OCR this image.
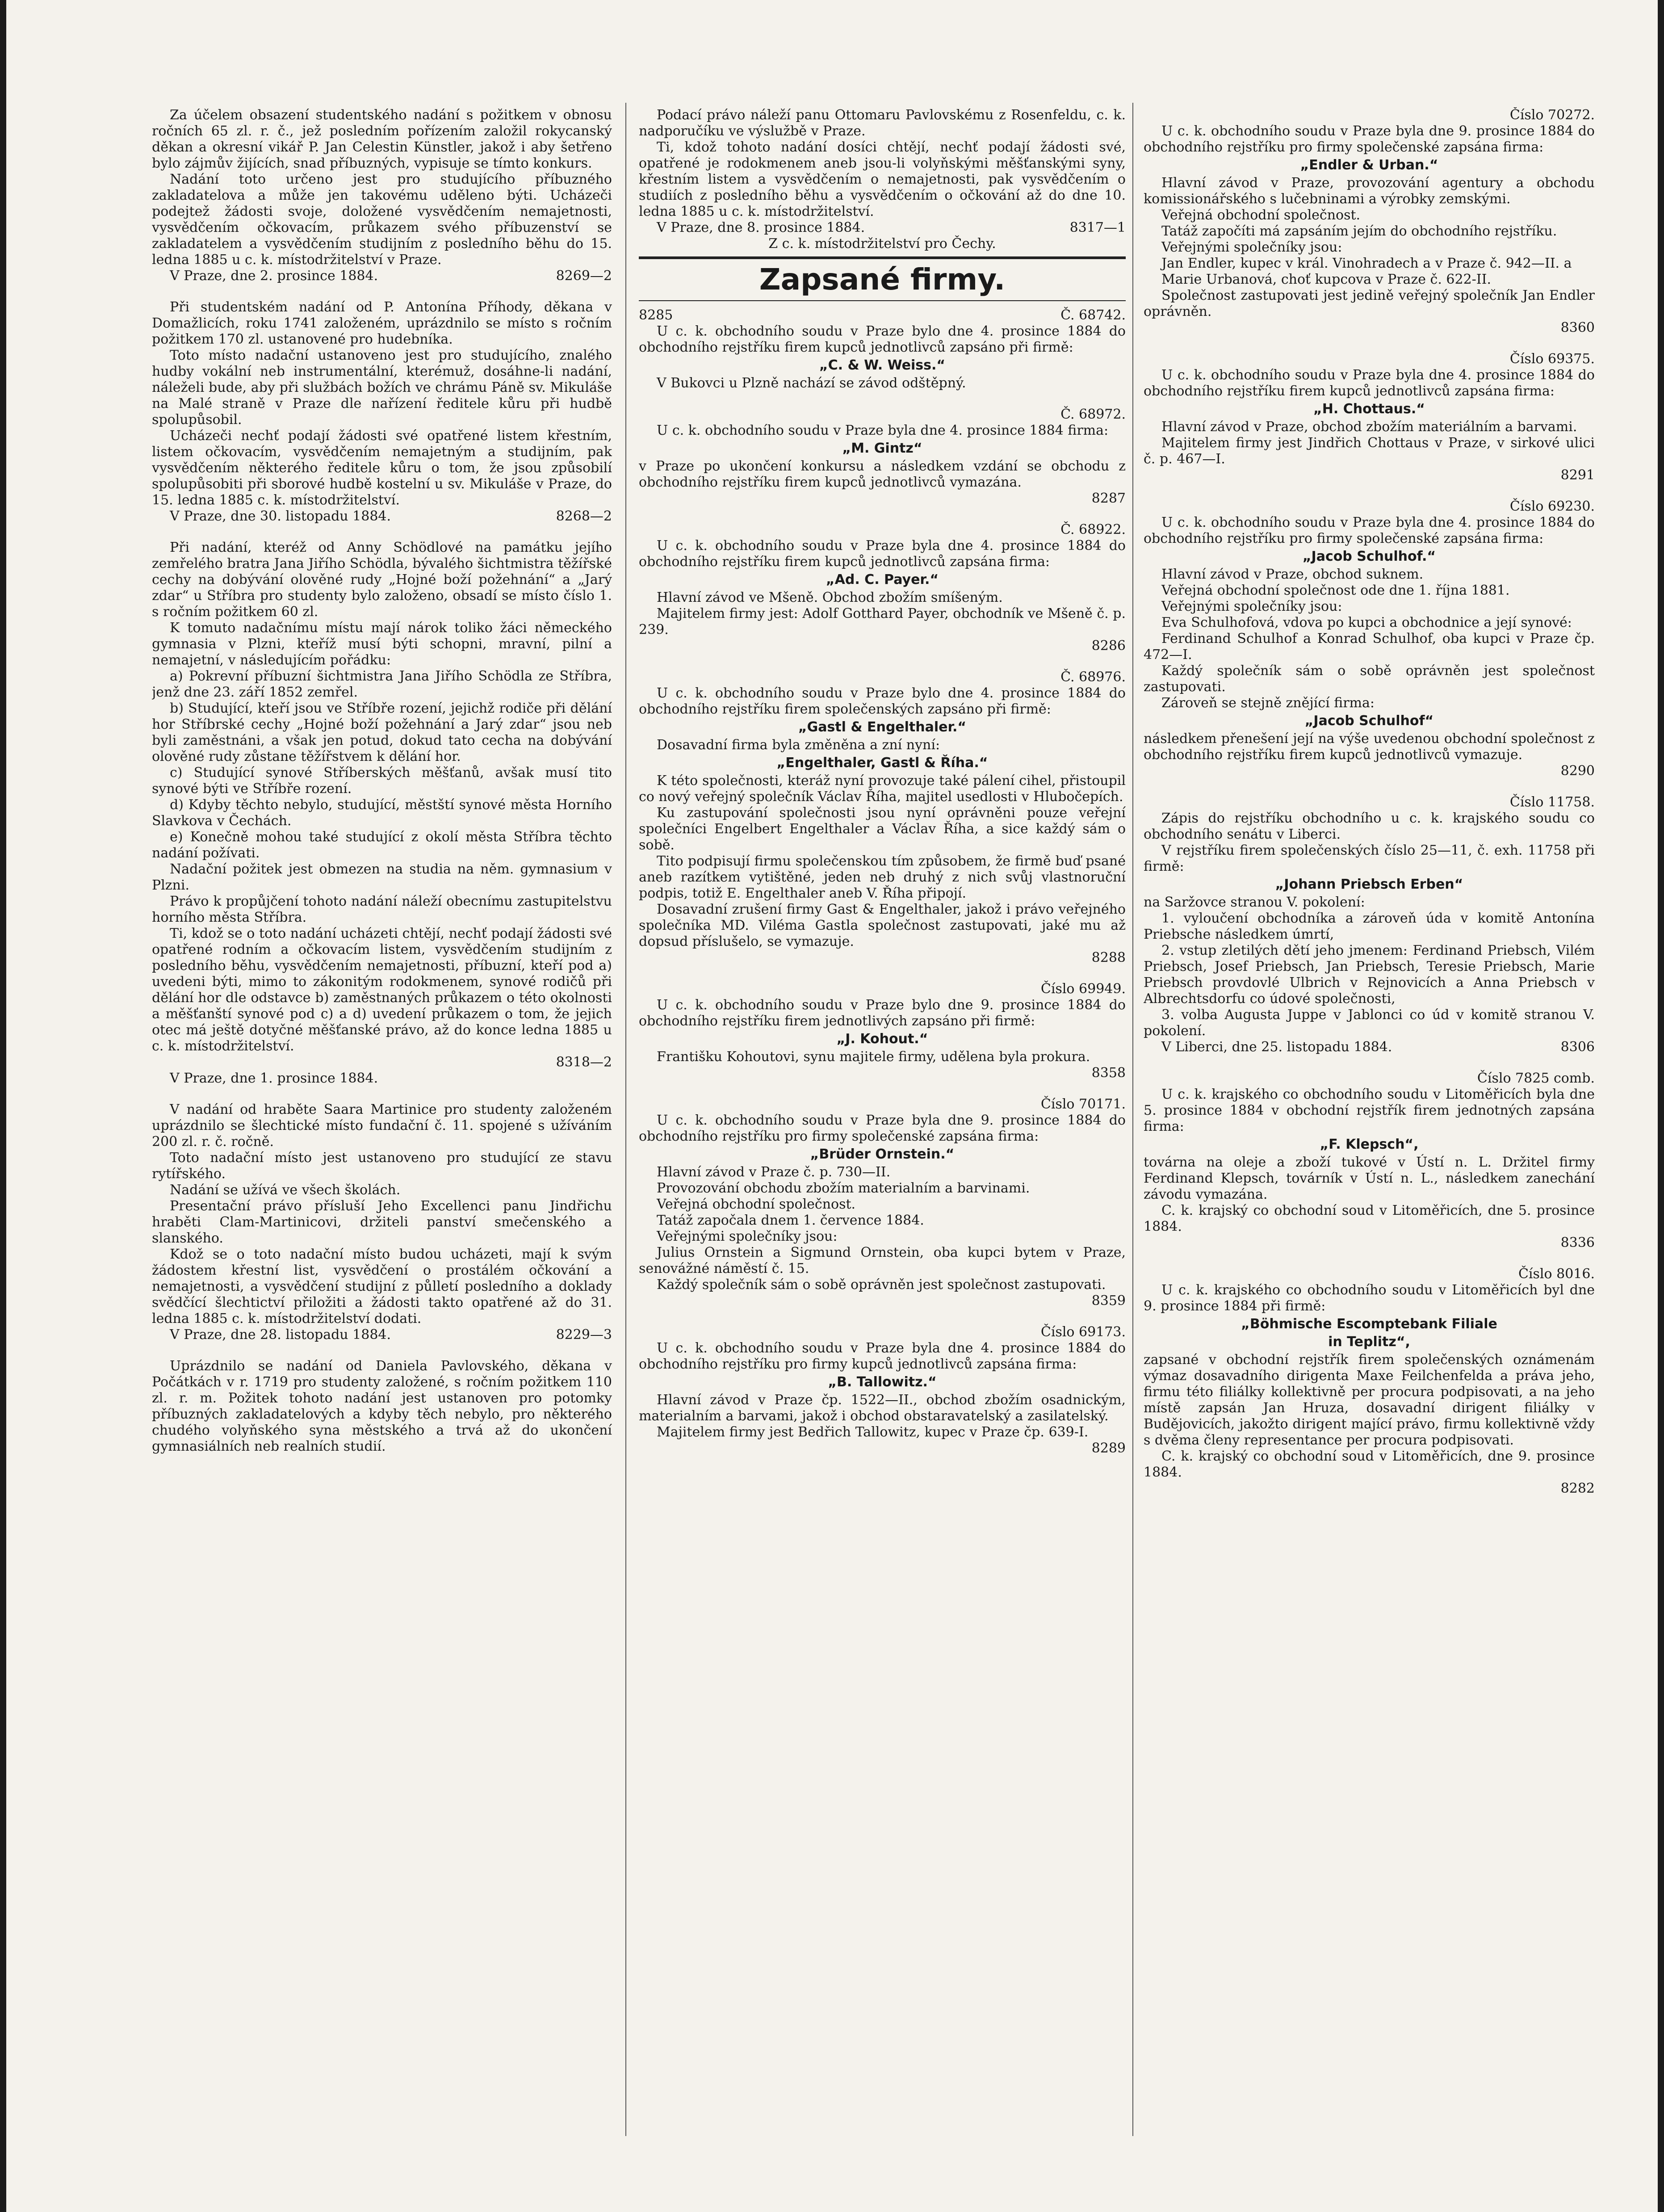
Za účelem obsazení studentského nadání s požitkem v obnosu ročních 65 zl. r. č., jež posledním pořízením založil rokycanský děkan a okresní vikář P. Jan Celestin Künstler, jakož i aby šetřeno bylo zájmův žijících, snad příbuzných, vypisuje se tímto konkurs.

Nadání toto určeno jest pro studujícího příbuzného zakladatelova a může jen takovému uděleno býti. Ucházeči podejtež žádosti svoje, doložené vysvědčením nemajetnosti, vysvědčením očkovacím, průkazem svého příbuzenství se zakladatelem a vysvědčením studijním z posledního běhu do 15. ledna 1885 u c. k. místodržitelství v Praze.

V Praze, dne 2. prosince 1884.	8269—2

Při studentském nadání od P. Antonína Příhody, děkana v Domažlicích, roku 1741 založeném, uprázdnilo se místo s ročním požitkem 170 zl. ustanovené pro hudebníka.

Toto místo nadační ustanoveno jest pro studujícího, znalého hudby vokální neb instrumentální, kterémuž, dosáhne-li nadání, náleželi bude, aby při službách božích ve chrámu Páně sv. Mikuláše na Malé straně v Praze dle nařízení ředitele kůru při hudbě spolupůsobil.

Ucházeči nechť podají žádosti své opatřené listem křestním, listem očkovacím, vysvědčením nemajetným a studijním, pak vysvědčením některého ředitele kůru o tom, že jsou způsobilí spolupůsobiti při sborové hudbě kostelní u sv. Mikuláše v Praze, do 15. ledna 1885 c. k. místodržitelství.

V Praze, dne 30. listopadu 1884.	8268—2

Při nadání, kteréž od Anny Schödlové na památku jejího zemřelého bratra Jana Jiřího Schödla, bývalého šichtmistra těžířské cechy na dobývání olověné rudy „Hojné boží požehnání“ a „Jarý zdar“ u Stříbra pro studenty bylo založeno, obsadí se místo číslo 1. s ročním požitkem 60 zl.

K tomuto nadačnímu místu mají nárok toliko žáci německého gymnasia v Plzni, kteříž musí býti schopni, mravní, pilní a nemajetní, v následujícím pořádku:

a) Pokrevní příbuzní šichtmistra Jana Jiřího Schödla ze Stříbra, jenž dne 23. září 1852 zemřel.

b) Studující, kteří jsou ve Stříbře rození, jejichž rodiče při dělání hor Stříbrské cechy „Hojné boží požehnání a Jarý zdar“ jsou neb byli zaměstnáni, a však jen potud, dokud tato cecha na dobývání olověné rudy zůstane těžířstvem k dělání hor.

c) Studující synové Stříberských měšťanů, avšak musí tito synové býti ve Stříbře rození.

d) Kdyby těchto nebylo, studující, městští synové města Horního Slavkova v Čechách.

e) Konečně mohou také studující z okolí města Stříbra těchto nadání požívati.

Nadační požitek jest obmezen na studia na něm. gymnasium v Plzni.

Právo k propůjčení tohoto nadání náleží obecnímu zastupitelstvu horního města Stříbra.

Ti, kdož se o toto nadání ucházeti chtějí, nechť podají žádosti své opatřené rodním a očkovacím listem, vysvědčením studijním z posledního běhu, vysvědčením nemajetnosti, příbuzní, kteří pod a) uvedeni býti, mimo to zákonitým rodokmenem, synové rodičů při dělání hor dle odstavce b) zaměstnaných průkazem o této okolnosti a měšťanští synové pod c) a d) uvedení průkazem o tom, že jejich otec má ještě dotyčné měšťanské právo, až do konce ledna 1885 u c. k. místodržitelství.

8318—2

V Praze, dne 1. prosince 1884.

V nadání od hraběte Saara Martinice pro studenty založeném uprázdnilo se šlechtické místo fundační č. 11. spojené s užíváním 200 zl. r. č. ročně.

Toto nadační místo jest ustanoveno pro studující ze stavu rytířského.

Nadání se užívá ve všech školách.

Presentační právo přísluší Jeho Excellenci panu Jindřichu hraběti Clam-Martinicovi, držiteli panství smečenského a slanského.

Kdož se o toto nadační místo budou ucházeti, mají k svým žádostem křestní list, vysvědčení o prostálém očkování a nemajetnosti, a vysvědčení studijní z půlletí posledního a doklady svědčící šlechtictví přiložiti a žádosti takto opatřené až do 31. ledna 1885 c. k. místodržitelství dodati.

V Praze, dne 28. listopadu 1884.	8229—3

Uprázdnilo se nadání od Daniela Pavlovského, děkana v Počátkách v r. 1719 pro studenty založené, s ročním požitkem 110 zl. r. m. Požitek tohoto nadání jest ustanoven pro potomky příbuzných zakladatelových a kdyby těch nebylo, pro některého chudého volyňského syna městského a trvá až do ukončení gymnasiálních neb realních studií.

Podací právo náleží panu Ottomaru Pavlovskému z Rosenfeldu, c. k. nadporučíku ve výslužbě v Praze.

Ti, kdož tohoto nadání dosíci chtějí, nechť podají žádosti své, opatřené je rodokmenem aneb jsou-li volyňskými měšťanskými syny, křestním listem a vysvědčením o nemajetnosti, pak vysvědčením o studiích z posledního běhu a vysvědčením o očkování až do dne 10. ledna 1885 u c. k. místodržitelství.

V Praze, dne 8. prosince 1884.	8317—1

Z c. k. místodržitelství pro Čechy.

Zapsané firmy.
8285	Č. 68742.

U c. k. obchodního soudu v Praze bylo dne 4. prosince 1884 do obchodního rejstříku firem kupců jednotlivců zapsáno při firmě:

„C. & W. Weiss.“

V Bukovci u Plzně nachází se závod odštěpný.

Č. 68972.

U c. k. obchodního soudu v Praze byla dne 4. prosince 1884 firma:

„M. Gintz“

v Praze po ukončení konkursu a následkem vzdání se obchodu z obchodního rejstříku firem kupců jednotlivců vymazána.

8287
Č. 68922.

U c. k. obchodního soudu v Praze byla dne 4. prosince 1884 do obchodního rejstříku firem kupců jednotlivců zapsána firma:

„Ad. C. Payer.“

Hlavní závod ve Mšeně. Obchod zbožím smíšeným.

Majitelem firmy jest: Adolf Gotthard Payer, obchodník ve Mšeně č. p. 239.

8286
Č. 68976.

U c. k. obchodního soudu v Praze bylo dne 4. prosince 1884 do obchodního rejstříku firem společenských zapsáno při firmě:

„Gastl & Engelthaler.“

Dosavadní firma byla změněna a zní nyní:

„Engelthaler, Gastl & Říha.“

K této společnosti, kteráž nyní provozuje také pálení cihel, přistoupil co nový veřejný společník Václav Říha, majitel usedlosti v Hlubočepích.

Ku zastupování společnosti jsou nyní oprávněni pouze veřejní společníci Engelbert Engelthaler a Václav Říha, a sice každý sám o sobě.

Tito podpisují firmu společenskou tím způsobem, že firmě buď psané aneb razítkem vytištěné, jeden neb druhý z nich svůj vlastnoruční podpis, totiž E. Engelthaler aneb V. Říha připojí.

Dosavadní zrušení firmy Gast & Engelthaler, jakož i právo veřejného společníka MD. Viléma Gastla společnost zastupovati, jaké mu až dopsud příslušelo, se vymazuje.

8288
Číslo 69949.

U c. k. obchodního soudu v Praze bylo dne 9. prosince 1884 do obchodního rejstříku firem jednotlivých zapsáno při firmě:

„J. Kohout.“

Františku Kohoutovi, synu majitele firmy, udělena byla prokura.

8358
Číslo 70171.

U c. k. obchodního soudu v Praze byla dne 9. prosince 1884 do obchodního rejstříku pro firmy společenské zapsána firma:

„Brüder Ornstein.“

Hlavní závod v Praze č. p. 730—II.

Provozování obchodu zbožím materialním a barvinami.

Veřejná obchodní společnost.

Tatáž započala dnem 1. července 1884.

Veřejnými společníky jsou:

Julius Ornstein a Sigmund Ornstein, oba kupci bytem v Praze, senovážné náměstí č. 15.

Každý společník sám o sobě oprávněn jest společnost zastupovati.

8359
Číslo 69173.

U c. k. obchodního soudu v Praze byla dne 4. prosince 1884 do obchodního rejstříku pro firmy kupců jednotlivců zapsána firma:

„B. Tallowitz.“

Hlavní závod v Praze čp. 1522—II., obchod zbožím osadnickým, materialním a barvami, jakož i obchod obstaravatelský a zasilatelský.

Majitelem firmy jest Bedřich Tallowitz, kupec v Praze čp. 639-I.

8289
Číslo 70272.

U c. k. obchodního soudu v Praze byla dne 9. prosince 1884 do obchodního rejstříku pro firmy společenské zapsána firma:

„Endler & Urban.“

Hlavní závod v Praze, provozování agentury a obchodu komissionářského s lučebninami a výrobky zemskými.

Veřejná obchodní společnost.

Tatáž započíti má zapsáním jejím do obchodního rejstříku.

Veřejnými společníky jsou:

Jan Endler, kupec v král. Vinohradech a v Praze č. 942—II. a

Marie Urbanová, choť kupcova v Praze č. 622-II.

Společnost zastupovati jest jedině veřejný společník Jan Endler oprávněn.

8360
Číslo 69375.

U c. k. obchodního soudu v Praze byla dne 4. prosince 1884 do obchodního rejstříku firem kupců jednotlivců zapsána firma:

„H. Chottaus.“

Hlavní závod v Praze, obchod zbožím materiálním a barvami.

Majitelem firmy jest Jindřich Chottaus v Praze, v sirkové ulici č. p. 467—I.

8291
Číslo 69230.

U c. k. obchodního soudu v Praze byla dne 4. prosince 1884 do obchodního rejstříku pro firmy společenské zapsána firma:

„Jacob Schulhof.“

Hlavní závod v Praze, obchod suknem.

Veřejná obchodní společnost ode dne 1. října 1881.

Veřejnými společníky jsou:

Eva Schulhofová, vdova po kupci a obchodnice a její synové:

Ferdinand Schulhof a Konrad Schulhof, oba kupci v Praze čp. 472—I.

Každý společník sám o sobě oprávněn jest společnost zastupovati.

Zároveň se stejně znějící firma:

„Jacob Schulhof“

následkem přenešení její na výše uvedenou obchodní společnost z obchodního rejstříku firem kupců jednotlivců vymazuje.

8290
Číslo 11758.

Zápis do rejstříku obchodního u c. k. krajského soudu co obchodního senátu v Liberci.

V rejstříku firem společenských číslo 25—11, č. exh. 11758 při firmě:

„Johann Priebsch Erben“

na Saržovce stranou V. pokolení:

1. vyloučení obchodníka a zároveň úda v komitě Antonína Priebsche následkem úmrtí,

2. vstup zletilých dětí jeho jmenem: Ferdinand Priebsch, Vilém Priebsch, Josef Priebsch, Jan Priebsch, Teresie Priebsch, Marie Priebsch provdovlé Ulbrich v Rejnovicích a Anna Priebsch v Albrechtsdorfu co údové společnosti,

3. volba Augusta Juppe v Jablonci co úd v komitě stranou V. pokolení.

V Liberci, dne 25. listopadu 1884.	8306
Číslo 7825 comb.

U c. k. krajského co obchodního soudu v Litoměřicích byla dne 5. prosince 1884 v obchodní rejstřík firem jednotných zapsána firma:

„F. Klepsch“,

továrna na oleje a zboží tukové v Ústí n. L. Držitel firmy Ferdinand Klepsch, továrník v Ústí n. L., následkem zanechání závodu vymazána.

C. k. krajský co obchodní soud v Litoměřicích, dne 5. prosince 1884.

8336
Číslo 8016.

U c. k. krajského co obchodního soudu v Litoměřicích byl dne 9. prosince 1884 při firmě:

„Böhmische Escomptebank Filiale
in Teplitz“,

zapsané v obchodní rejstřík firem společenských oznámenám výmaz dosavadního dirigenta Maxe Feilchenfelda a práva jeho, firmu této filiálky kollektivně per procura podpisovati, a na jeho místě zapsán Jan Hruza, dosavadní dirigent filiálky v Budějovicích, jakožto dirigent mající právo, firmu kollektivně vždy s dvěma členy representance per procura podpisovati.

C. k. krajský co obchodní soud v Litoměřicích, dne 9. prosince 1884.

8282
